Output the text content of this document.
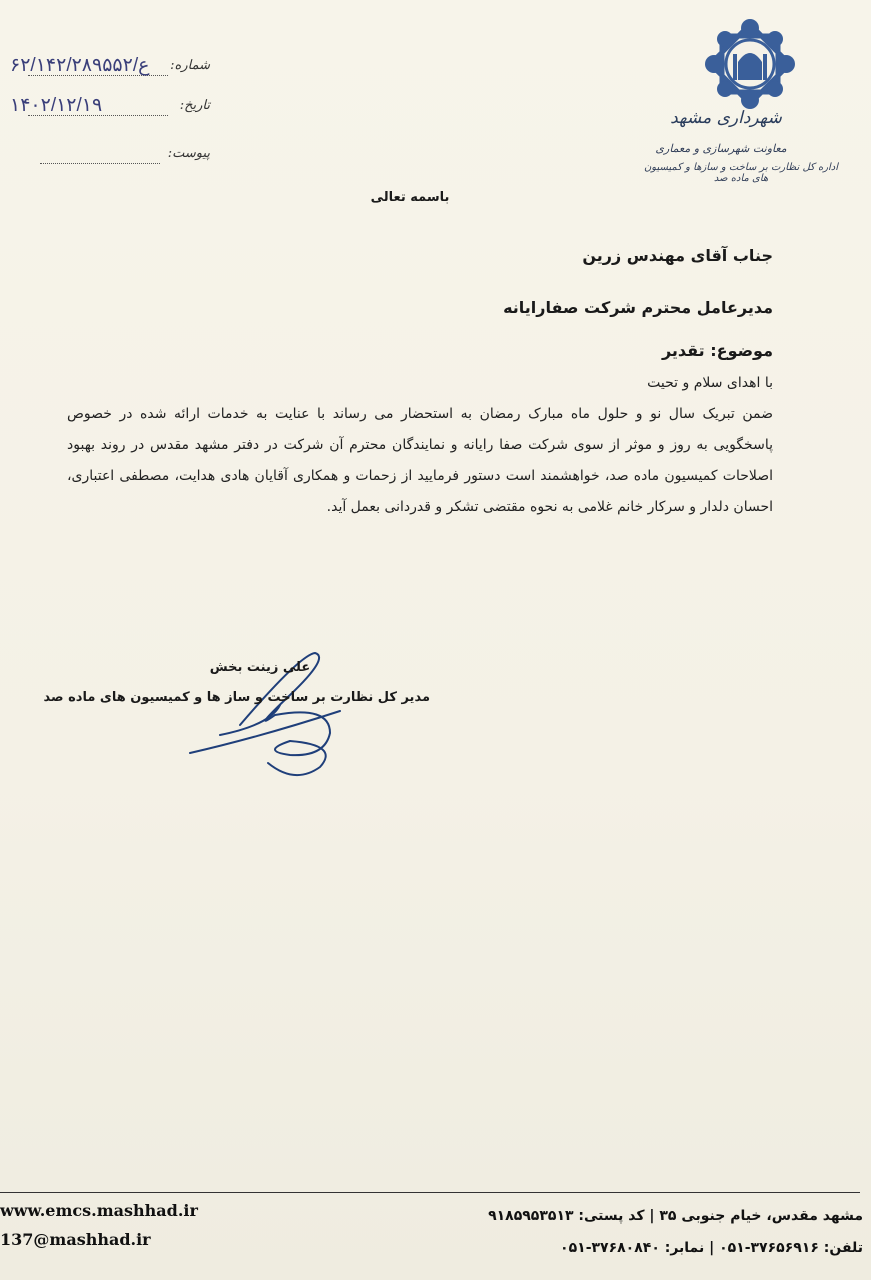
شهرداری مشهد
معاونت شهرسازی و معماری
اداره کل نظارت بر ساخت و سازها و کمیسیون های ماده صد
شماره:
۶۲/۱۴ع/۲/۲۸۹۵۵۲
تاریخ:
۱۴۰۲/۱۲/۱۹
پیوست:
باسمه تعالی
جناب آقای مهندس زرین
مدیرعامل محترم شرکت صفارایانه
موضوع: تقدیر

با اهدای سلام و تحیت

ضمن تبریک سال نو و حلول ماه مبارک رمضان به استحضار می رساند با عنایت به خدمات ارائه شده در خصوص پاسخگویی به روز و موثر از سوی شرکت صفا رایانه و نمایندگان محترم آن شرکت در دفتر مشهد مقدس در روند بهبود اصلاحات کمیسیون ماده صد، خواهشمند است دستور فرمایید از زحمات و همکاری آقایان هادی هدایت، مصطفی اعتباری، احسان دلدار و سرکار خانم غلامی به نحوه مقتضی تشکر و قدردانی بعمل آید.

علی زینت بخش
مدیر کل نظارت بر ساخت و ساز ها و کمیسیون های ماده صد
www.emcs.mashhad.ir
137@mashhad.ir
مشهد مقدس، خیام جنوبی ۳۵ | کد پستی: ۹۱۸۵۹۵۳۵۱۳
تلفن: ۳۷۶۵۶۹۱۶-۰۵۱ | نمابر: ۳۷۶۸۰۸۴۰-۰۵۱
